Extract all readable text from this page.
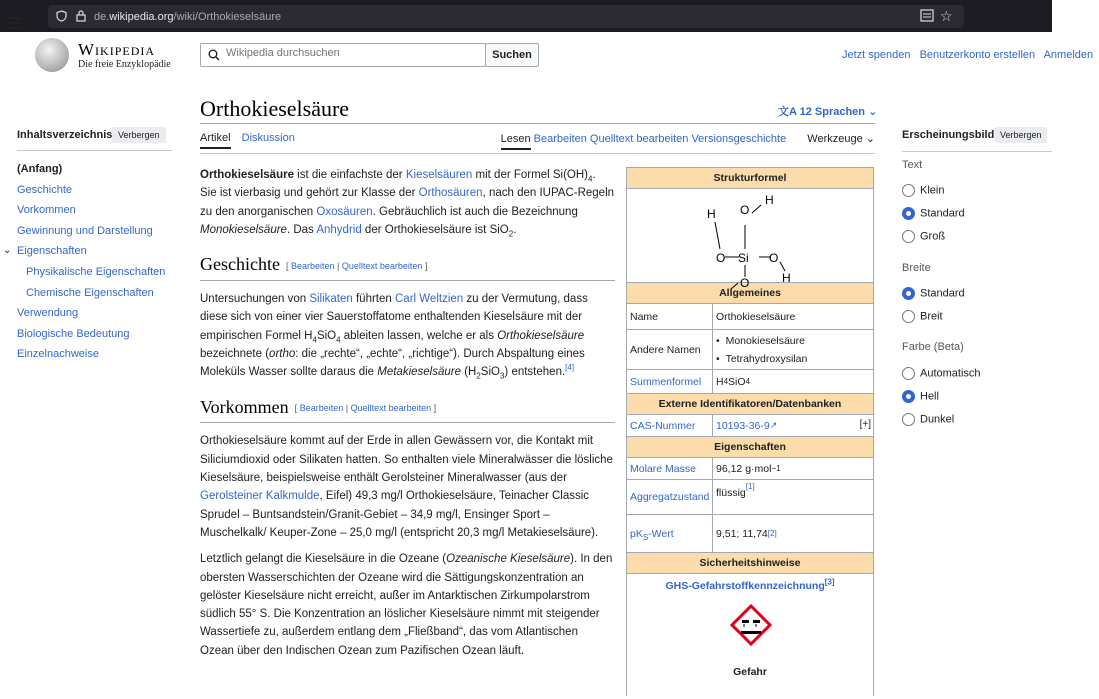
de.wikipedia.org/wiki/Orthokieselsäure	☆
Wikipedia
Die freie Enzyklopädie
Wikipedia durchsuchen
Suchen	Jetzt spenden Benutzerkonto erstellen Anmelden
Inhaltsverzeichnis Verbergen
(Anfang)
Geschichte
Vorkommen
Gewinnung und Darstellung
⌄ Eigenschaften
Physikalische Eigenschaften
Chemische Eigenschaften
Verwendung
Biologische Bedeutung
Einzelnachweise
Orthokieselsäure	文A 12 Sprachen ⌄
Artikel Diskussion	Lesen Bearbeiten Quelltext bearbeiten Versionsgeschichte Werkzeuge ⌄

Orthokieselsäure ist die einfachste der Kieselsäuren mit der Formel $Si(OH)_4$. Sie ist vierbasig und gehört zur Klasse der Orthosäuren, nach den IUPAC-Regeln zu den anorganischen Oxosäuren. Gebräuchlich ist auch die Bezeichnung Monokieselsäure. Das Anhydrid der Orthokieselsäure ist SiO$_2$.

Geschichte [ Bearbeiten | Quelltext bearbeiten ]

Untersuchungen von Silikaten führten Carl Weltzien zu der Vermutung, dass diese sich von einer vier Sauerstoffatome enthaltenden Kieselsäure mit der empirischen Formel $H_4SiO_4$ ableiten lassen, welche er als Orthokieselsäure bezeichnete (ortho: die „rechte“, „echte“, „richtige“). Durch Abspaltung eines Moleküls Wasser sollte daraus die Metakieselsäure $(H_2SiO_3)$ entstehen.[4]

Vorkommen [ Bearbeiten | Quelltext bearbeiten ]

Orthokieselsäure kommt auf der Erde in allen Gewässern vor, die Kontakt mit Siliciumdioxid oder Silikaten hatten. So enthalten viele Mineralwässer die lösliche Kieselsäure, beispielsweise enthält Gerolsteiner Mineralwasser (aus der Gerolsteiner Kalkmulde, Eifel) 49,3 mg/l Orthokieselsäure, Teinacher Classic Sprudel – Buntsandstein/Granit-Gebiet – 34,9 mg/l, Ensinger Sport – Muschelkalk/ Keuper-Zone – 25,0 mg/l (entspricht 20,3 mg/l Metakieselsäure).

Letztlich gelangt die Kieselsäure in die Ozeane (Ozeanische Kieselsäure). In den obersten Wasserschichten der Ozeane wird die Sättigungskonzentration an gelöster Kieselsäure nicht erreicht, außer im Antarktischen Zirkumpolarstrom südlich 55° S. Die Konzentration an löslicher Kieselsäure nimmt mit steigender Wassertiefe zu, außerdem entlang dem „Fließband“, das vom Atlantischen Ozean über den Indischen Ozean zum Pazifischen Ozean läuft.

Strukturformel
O
H
H
O Si O
H
O
Allgemeines
Name	Orthokieselsäure
Andere Namen
• Monokieselsäure
• Tetrahydroxysilan
Summenformel H 4 SiO 4
Externe Identifikatoren/Datenbanken
CAS-Nummer 10193-36-9 ↗	[+]
Eigenschaften
Molare Masse 96,12 g·mol −1
Aggregatzustand flüssig
[1]
$pK_S$-Wert	9,51; 11,74 [2]
Sicherheitshinweise
GHS-Gefahrstoffkennzeichnung[3]
Gefahr
Erscheinungsbild Verbergen
Text
Klein
Standard
Groß
Breite
Standard
Breit
Farbe (Beta)
Automatisch
Hell
Dunkel
